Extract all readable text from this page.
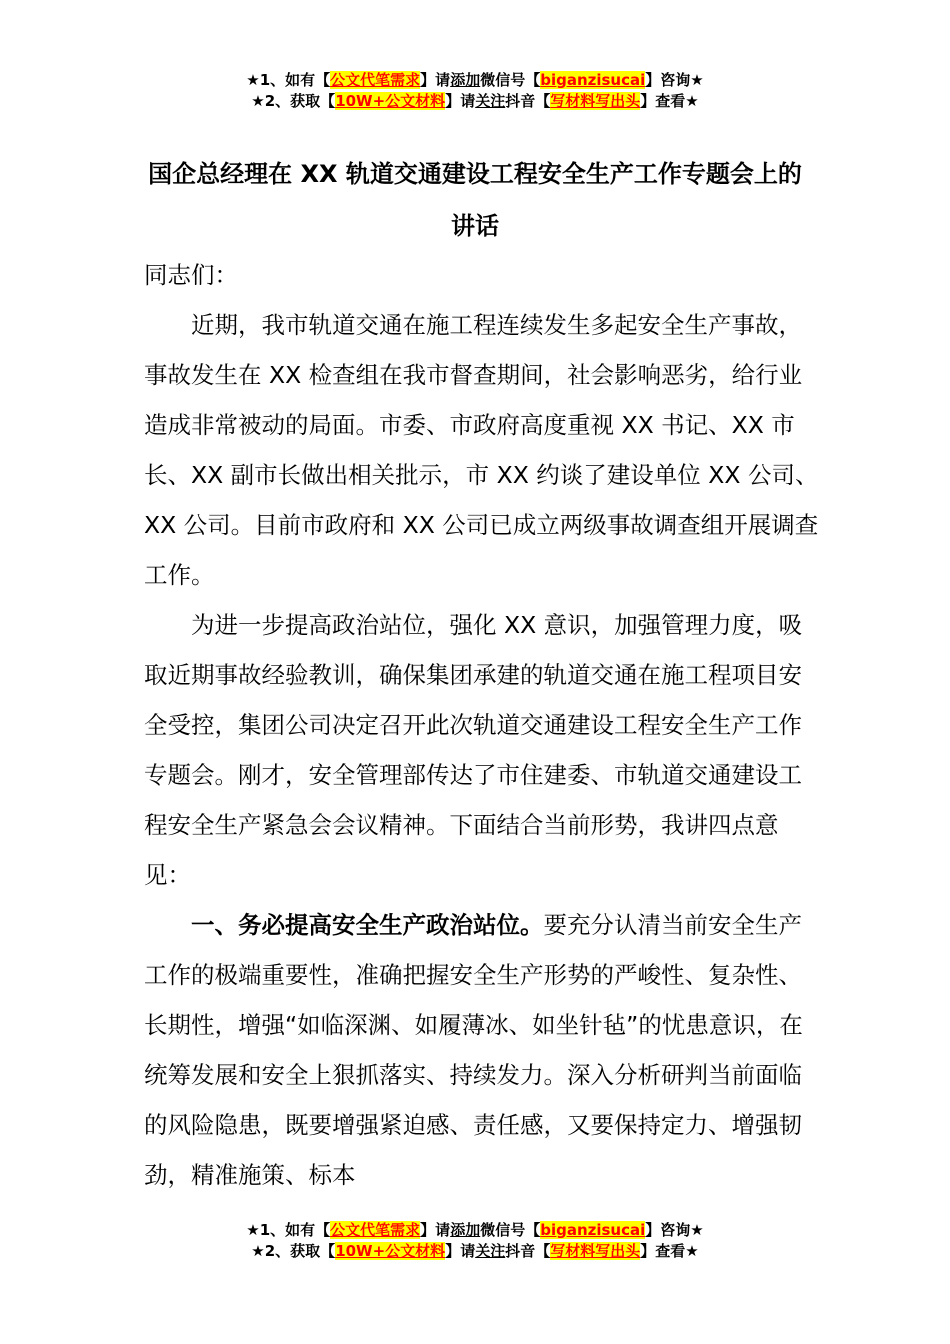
★1、如有【公文代笔需求】请添加微信号【biganzisucai】咨询★
★2、获取【10W+公文材料】请关注抖音【写材料写出头】查看★
国企总经理在 XX 轨道交通建设工程安全生产工作专题会上的讲话

同志们：

近期，我市轨道交通在施工程连续发生多起安全生产事故，事故发生在 XX 检查组在我市督查期间，社会影响恶劣，给行业造成非常被动的局面。市委、市政府高度重视 XX 书记、XX 市长、XX 副市长做出相关批示，市 XX 约谈了建设单位 XX 公司、XX 公司。目前市政府和 XX 公司已成立两级事故调查组开展调查工作。

为进一步提高政治站位，强化 XX 意识，加强管理力度，吸取近期事故经验教训，确保集团承建的轨道交通在施工程项目安全受控，集团公司决定召开此次轨道交通建设工程安全生产工作专题会。刚才，安全管理部传达了市住建委、市轨道交通建设工程安全生产紧急会会议精神。下面结合当前形势，我讲四点意见：

一、务必提高安全生产政治站位。要充分认清当前安全生产工作的极端重要性，准确把握安全生产形势的严峻性、复杂性、长期性，增强“如临深渊、如履薄冰、如坐针毡”的忧患意识，在统筹发展和安全上狠抓落实、持续发力。深入分析研判当前面临的风险隐患，既要增强紧迫感、责任感，又要保持定力、增强韧劲，精准施策、标本

★1、如有【公文代笔需求】请添加微信号【biganzisucai】咨询★
★2、获取【10W+公文材料】请关注抖音【写材料写出头】查看★
